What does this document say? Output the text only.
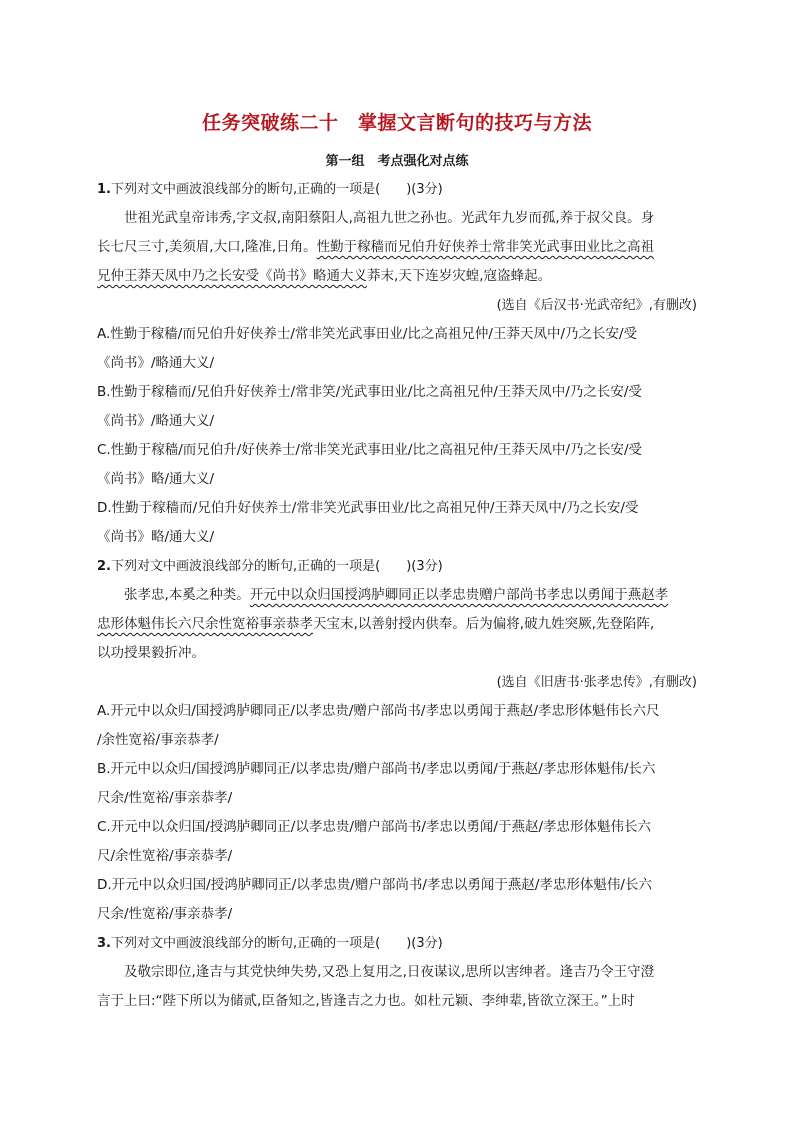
任务突破练二十　掌握文言断句的技巧与方法
第一组　考点强化对点练
1.下列对文中画波浪线部分的断句,正确的一项是(　　)(3分)
世祖光武皇帝讳秀,字文叔,南阳蔡阳人,高祖九世之孙也。光武年九岁而孤,养于叔父良。身
长七尺三寸,美须眉,大口,隆准,日角。性勤于稼穑而兄伯升好侠养士常非笑光武事田业比之高祖
兄仲王莽天凤中乃之长安受《尚书》略通大义莽末,天下连岁灾蝗,寇盗蜂起。
(选自《后汉书·光武帝纪》,有删改)
A.性勤于稼穑/而兄伯升好侠养士/常非笑光武事田业/比之高祖兄仲/王莽天凤中/乃之长安/受
《尚书》/略通大义/
B.性勤于稼穑而/兄伯升好侠养士/常非笑/光武事田业/比之高祖兄仲/王莽天凤中/乃之长安/受
《尚书》/略通大义/
C.性勤于稼穑/而兄伯升/好侠养士/常非笑光武事田业/比之高祖兄仲/王莽天凤中/乃之长安/受
《尚书》略/通大义/
D.性勤于稼穑而/兄伯升好侠养士/常非笑光武事田业/比之高祖兄仲/王莽天凤中/乃之长安/受
《尚书》略/通大义/
2.下列对文中画波浪线部分的断句,正确的一项是(　　)(3分)
张孝忠,本奚之种类。开元中以众归国授鸿胪卿同正以孝忠贵赠户部尚书孝忠以勇闻于燕赵孝
忠形体魁伟长六尺余性宽裕事亲恭孝天宝末,以善射授内供奉。后为偏将,破九姓突厥,先登陷阵,
以功授果毅折冲。
(选自《旧唐书·张孝忠传》,有删改)
A.开元中以众归/国授鸿胪卿同正/以孝忠贵/赠户部尚书/孝忠以勇闻于燕赵/孝忠形体魁伟长六尺
/余性宽裕/事亲恭孝/
B.开元中以众归/国授鸿胪卿同正/以孝忠贵/赠户部尚书/孝忠以勇闻/于燕赵/孝忠形体魁伟/长六
尺余/性宽裕/事亲恭孝/
C.开元中以众归国/授鸿胪卿同正/以孝忠贵/赠户部尚书/孝忠以勇闻/于燕赵/孝忠形体魁伟长六
尺/余性宽裕/事亲恭孝/
D.开元中以众归国/授鸿胪卿同正/以孝忠贵/赠户部尚书/孝忠以勇闻于燕赵/孝忠形体魁伟/长六
尺余/性宽裕/事亲恭孝/
3.下列对文中画波浪线部分的断句,正确的一项是(　　)(3分)
及敬宗即位,逢吉与其党快绅失势,又恐上复用之,日夜谋议,思所以害绅者。逢吉乃令王守澄
言于上曰:“陛下所以为储贰,臣备知之,皆逢吉之力也。如杜元颖、李绅辈,皆欲立深王。”上时
